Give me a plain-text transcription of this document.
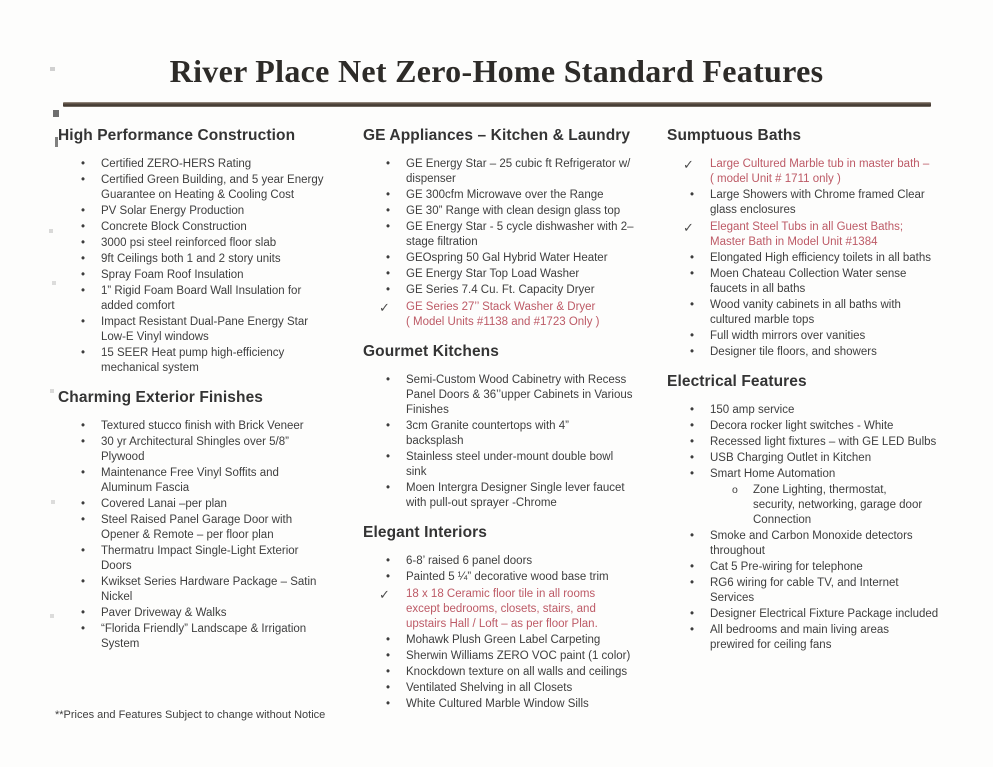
River Place Net Zero-Home Standard Features
High Performance Construction
•	Certified ZERO-HERS Rating
•	Certified Green Building, and 5 year Energy
Guarantee on Heating & Cooling Cost
•	PV Solar Energy Production
•	Concrete Block Construction
•	3000 psi steel reinforced floor slab
•	9ft Ceilings both 1 and 2 story units
•	Spray Foam Roof Insulation
•	1” Rigid Foam Board Wall Insulation for
added comfort
•	Impact Resistant Dual-Pane Energy Star
Low-E Vinyl windows
•	15 SEER Heat pump high-efficiency
mechanical system
Charming Exterior Finishes
•	Textured stucco finish with Brick Veneer
•	30 yr Architectural Shingles over 5/8”
Plywood
•	Maintenance Free Vinyl Soffits and
Aluminum Fascia
•	Covered Lanai –per plan
•	Steel Raised Panel Garage Door with
Opener & Remote – per floor plan
•	Thermatru Impact Single-Light Exterior
Doors
•	Kwikset Series Hardware Package – Satin
Nickel
•	Paver Driveway & Walks
•	“Florida Friendly” Landscape & Irrigation
System
GE Appliances – Kitchen & Laundry
•	GE Energy Star – 25 cubic ft Refrigerator w/
dispenser
•	GE 300cfm Microwave over the Range
•	GE 30” Range with clean design glass top
•	GE Energy Star - 5 cycle dishwasher with 2–
stage filtration
•	GEOspring 50 Gal Hybrid Water Heater
•	GE Energy Star Top Load Washer
•	GE Series 7.4 Cu. Ft. Capacity Dryer
✓	GE Series 27’’ Stack Washer & Dryer
( Model Units #1138 and #1723 Only )
Gourmet Kitchens
•	Semi-Custom Wood Cabinetry with Recess
Panel Doors & 36’’upper Cabinets in Various
Finishes
•	3cm Granite countertops with 4”
backsplash
•	Stainless steel under-mount double bowl
sink
•	Moen Intergra Designer Single lever faucet
with pull-out sprayer -Chrome
Elegant Interiors
•	6-8’ raised 6 panel doors
•	Painted 5 ¼” decorative wood base trim
✓	18 x 18 Ceramic floor tile in all rooms
except bedrooms, closets, stairs, and
upstairs Hall / Loft – as per floor Plan.
•	Mohawk Plush Green Label Carpeting
•	Sherwin Williams ZERO VOC paint (1 color)
•	Knockdown texture on all walls and ceilings
•	Ventilated Shelving in all Closets
•	White Cultured Marble Window Sills
Sumptuous Baths
✓	Large Cultured Marble tub in master bath –
( model Unit # 1711 only )
•	Large Showers with Chrome framed Clear
glass enclosures
✓	Elegant Steel Tubs in all Guest Baths;
Master Bath in Model Unit #1384
•	Elongated High efficiency toilets in all baths
•	Moen Chateau Collection Water sense
faucets in all baths
•	Wood vanity cabinets in all baths with
cultured marble tops
•	Full width mirrors over vanities
•	Designer tile floors, and showers
Electrical Features
•	150 amp service
•	Decora rocker light switches - White
•	Recessed light fixtures – with GE LED Bulbs
•	USB Charging Outlet in Kitchen
•	Smart Home Automation
o	Zone Lighting, thermostat,
security, networking, garage door
Connection
•	Smoke and Carbon Monoxide detectors
throughout
•	Cat 5 Pre-wiring for telephone
•	RG6 wiring for cable TV, and Internet
Services
•	Designer Electrical Fixture Package included
•	All bedrooms and main living areas
prewired for ceiling fans
**Prices and Features Subject to change without Notice
